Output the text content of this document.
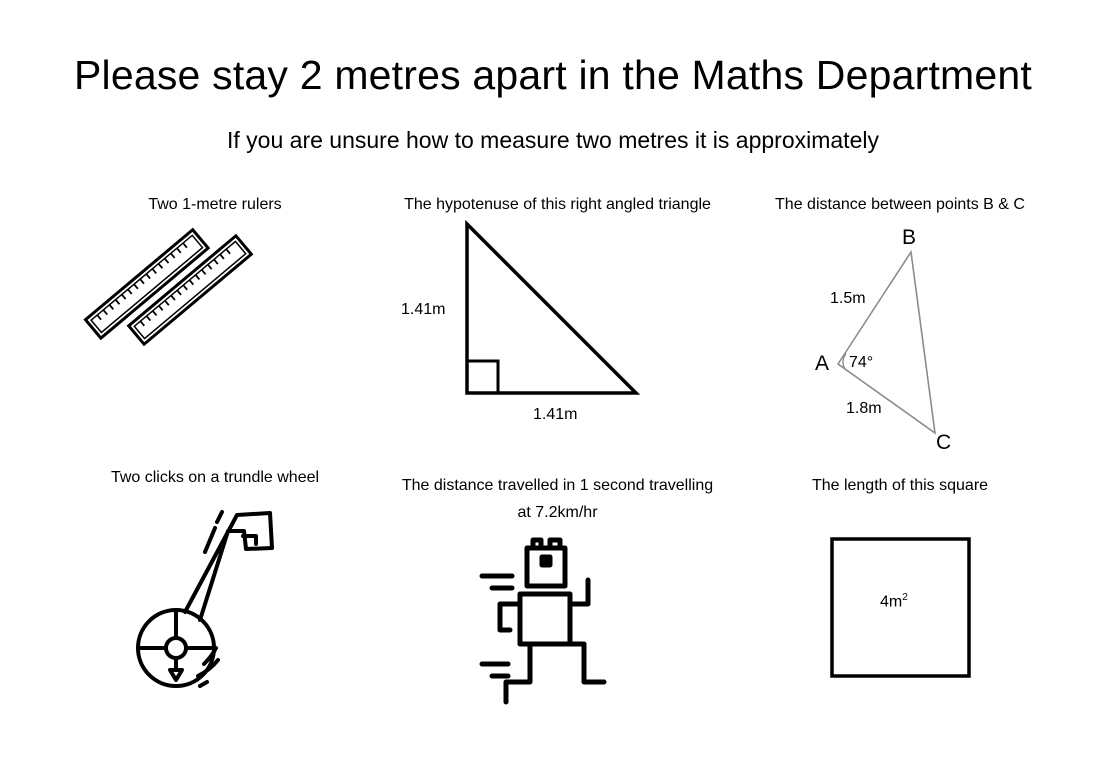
Please stay 2 metres apart in the Maths Department
If you are unsure how to measure two metres it is approximately
Two 1-metre rulers	The hypotenuse of this right angled triangle
1.41m
1.41m
The distance between points B & C
B
A
C
1.5m
1.8m
74°
Two clicks on a trundle wheel	The distance travelled in 1 second travelling
at 7.2km/hr
The length of this square
$4m^2$
